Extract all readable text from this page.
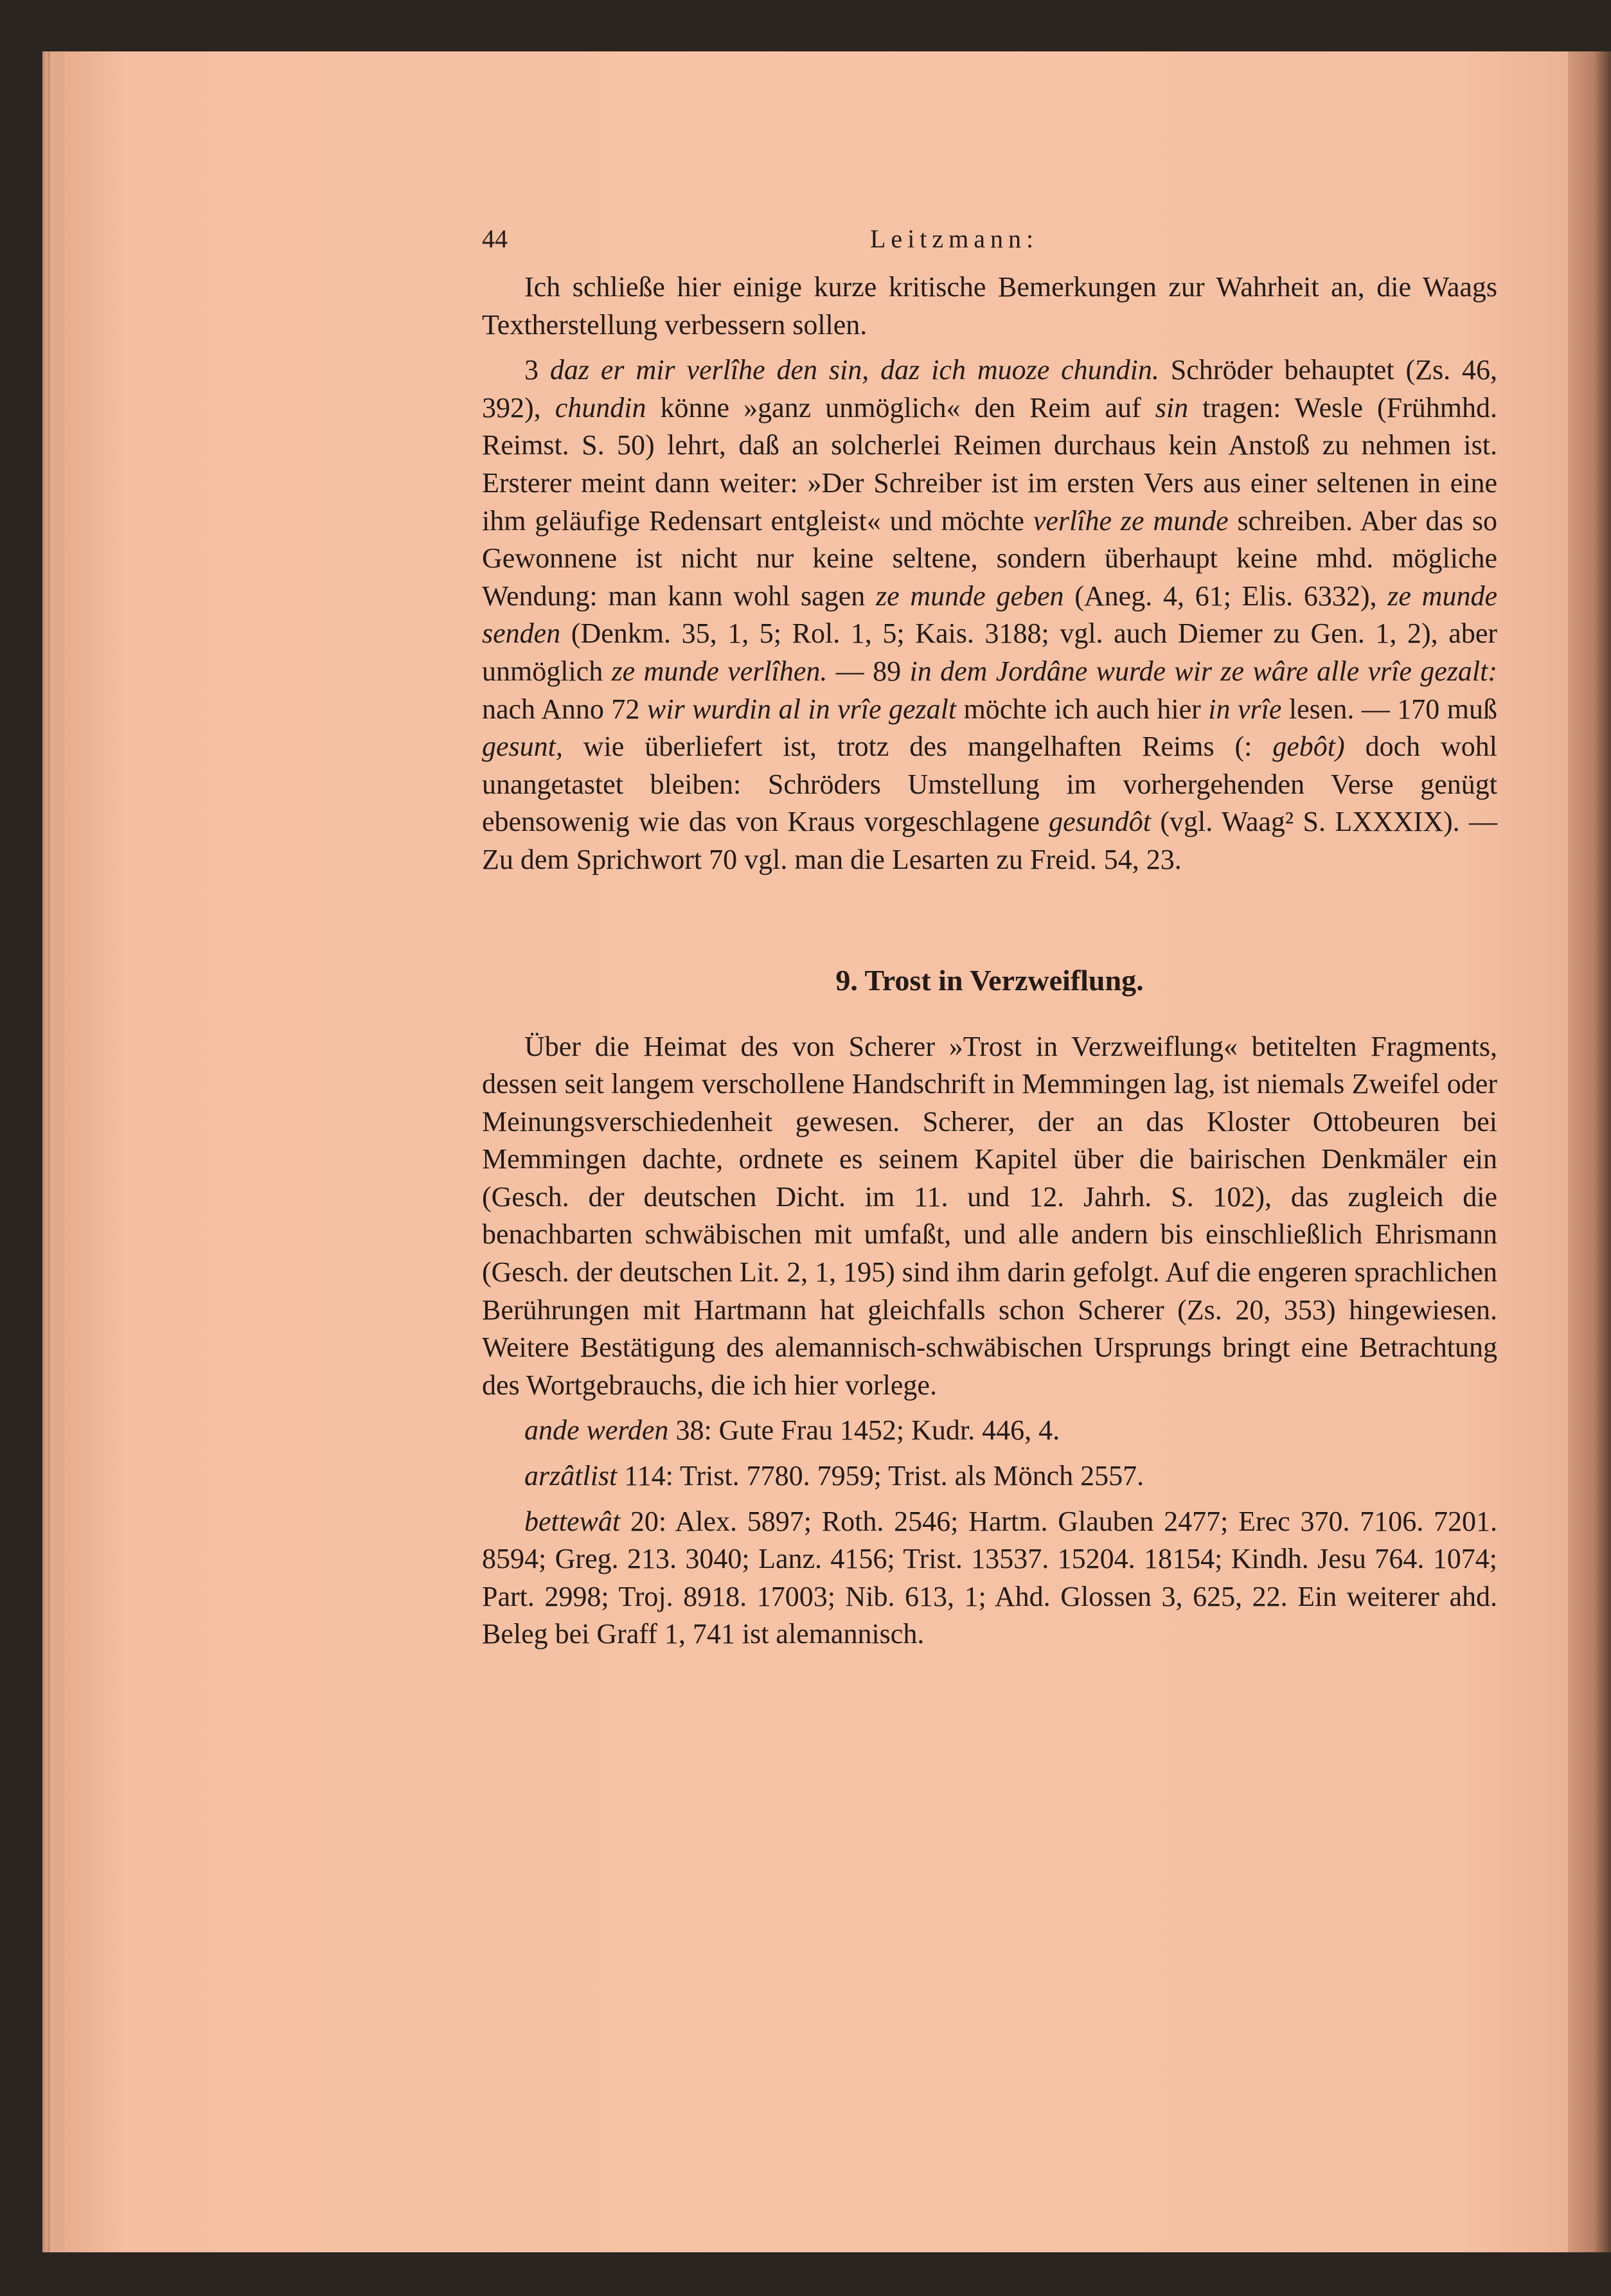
44	Leitzmann:

Ich schließe hier einige kurze kritische Bemerkungen zur Wahrheit an, die Waags Textherstellung verbessern sollen.

3 daz er mir verlîhe den sin, daz ich muoze chundin. Schröder behauptet (Zs. 46, 392), chundin könne »ganz unmöglich« den Reim auf sin tragen: Wesle (Frühmhd. Reimst. S. 50) lehrt, daß an solcherlei Reimen durchaus kein Anstoß zu nehmen ist. Ersterer meint dann weiter: »Der Schreiber ist im ersten Vers aus einer seltenen in eine ihm geläufige Redensart entgleist« und möchte verlîhe ze munde schreiben. Aber das so Gewonnene ist nicht nur keine seltene, sondern überhaupt keine mhd. mögliche Wendung: man kann wohl sagen ze munde geben (Aneg. 4, 61; Elis. 6332), ze munde senden (Denkm. 35, 1, 5; Rol. 1, 5; Kais. 3188; vgl. auch Diemer zu Gen. 1, 2), aber unmöglich ze munde verlîhen. — 89 in dem Jordâne wurde wir ze wâre alle vrîe gezalt: nach Anno 72 wir wurdin al in vrîe gezalt möchte ich auch hier in vrîe lesen. — 170 muß gesunt, wie überliefert ist, trotz des mangelhaften Reims (: gebôt) doch wohl unangetastet bleiben: Schröders Umstellung im vorhergehenden Verse genügt ebensowenig wie das von Kraus vorgeschlagene gesundôt (vgl. Waag² S. LXXXIX). — Zu dem Sprichwort 70 vgl. man die Lesarten zu Freid. 54, 23.

9. Trost in Verzweiflung.

Über die Heimat des von Scherer »Trost in Verzweiflung« betitelten Fragments, dessen seit langem verschollene Handschrift in Memmingen lag, ist niemals Zweifel oder Meinungsverschiedenheit gewesen. Scherer, der an das Kloster Ottobeuren bei Memmingen dachte, ordnete es seinem Kapitel über die bairischen Denkmäler ein (Gesch. der deutschen Dicht. im 11. und 12. Jahrh. S. 102), das zugleich die benachbarten schwäbischen mit umfaßt, und alle andern bis einschließlich Ehrismann (Gesch. der deutschen Lit. 2, 1, 195) sind ihm darin gefolgt. Auf die engeren sprachlichen Berührungen mit Hartmann hat gleichfalls schon Scherer (Zs. 20, 353) hingewiesen. Weitere Bestätigung des alemannisch-schwäbischen Ursprungs bringt eine Betrachtung des Wortgebrauchs, die ich hier vorlege.

ande werden 38: Gute Frau 1452; Kudr. 446, 4.

arzâtlist 114: Trist. 7780. 7959; Trist. als Mönch 2557.

bettewât 20: Alex. 5897; Roth. 2546; Hartm. Glauben 2477; Erec 370. 7106. 7201. 8594; Greg. 213. 3040; Lanz. 4156; Trist. 13537. 15204. 18154; Kindh. Jesu 764. 1074; Part. 2998; Troj. 8918. 17003; Nib. 613, 1; Ahd. Glossen 3, 625, 22. Ein weiterer ahd. Beleg bei Graff 1, 741 ist alemannisch.
